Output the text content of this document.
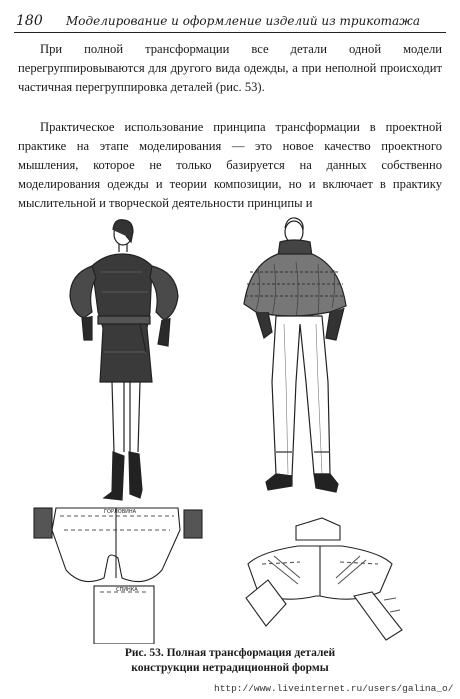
180 Моделирование и оформление изделий из трикотажа

При полной трансформации все детали одной модели перегруппировываются для другого вида одежды, а при неполной происходит частичная перегруппировка деталей (рис. 53).

Практическое использование принципа трансформации в проектной практике на этапе моделирования — это новое качество проектного мышления, которое не только базируется на данных собственно моделирования одежды и теории композиции, но и включает в практику мыслительной и творческой деятельности принципы и

ГОРЛОВИНА
СПИНКА
Рис. 53. Полная трансформация деталей
конструкции нетрадиционной формы
http://www.liveinternet.ru/users/galina_o/
